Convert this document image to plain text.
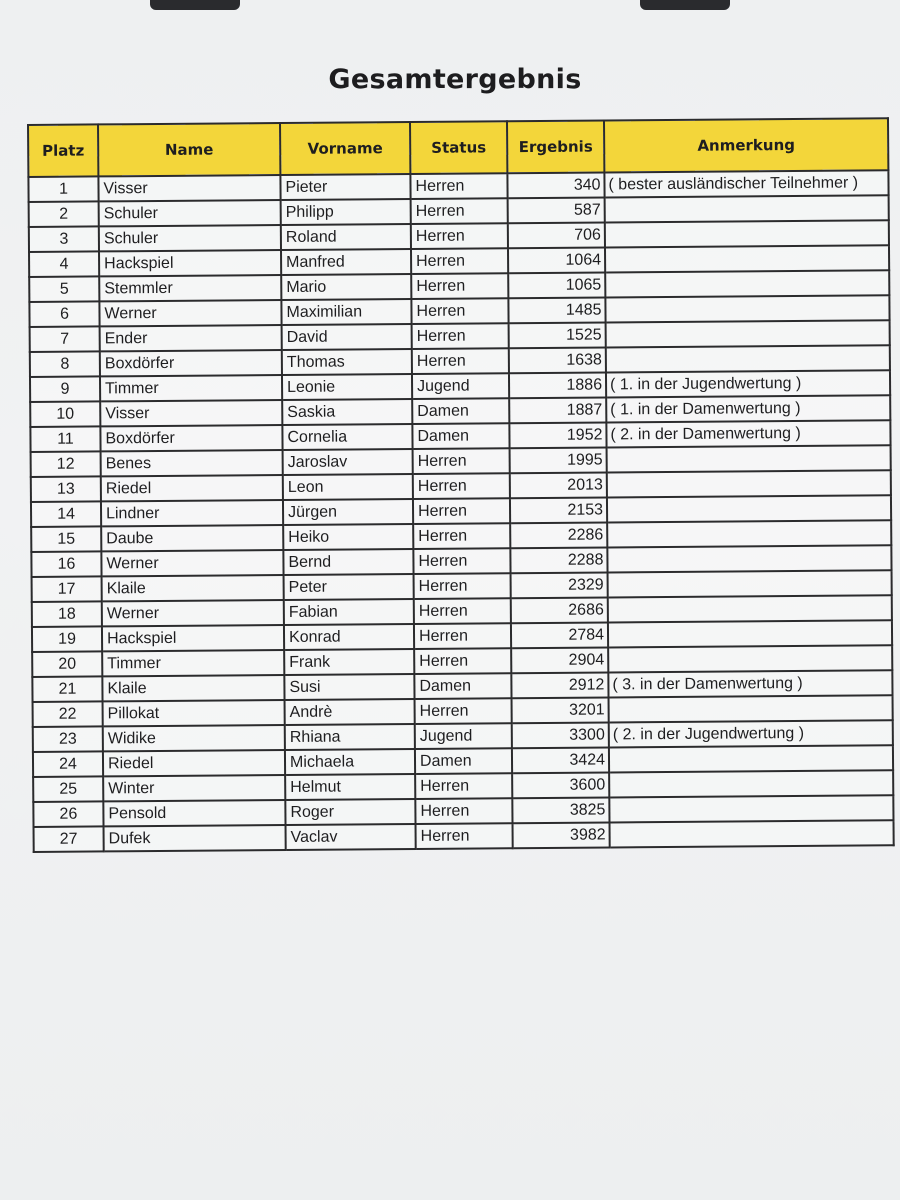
Gesamtergebnis
Platz	Name	Vorname	Status	Ergebnis	Anmerkung
1	Visser	Pieter	Herren	340	( bester ausländischer Teilnehmer )
2	Schuler	Philipp	Herren	587	
3	Schuler	Roland	Herren	706	
4	Hackspiel	Manfred	Herren	1064	
5	Stemmler	Mario	Herren	1065	
6	Werner	Maximilian	Herren	1485	
7	Ender	David	Herren	1525	
8	Boxdörfer	Thomas	Herren	1638	
9	Timmer	Leonie	Jugend	1886	( 1. in der Jugendwertung )
10	Visser	Saskia	Damen	1887	( 1. in der Damenwertung )
11	Boxdörfer	Cornelia	Damen	1952	( 2. in der Damenwertung )
12	Benes	Jaroslav	Herren	1995	
13	Riedel	Leon	Herren	2013	
14	Lindner	Jürgen	Herren	2153	
15	Daube	Heiko	Herren	2286	
16	Werner	Bernd	Herren	2288	
17	Klaile	Peter	Herren	2329	
18	Werner	Fabian	Herren	2686	
19	Hackspiel	Konrad	Herren	2784	
20	Timmer	Frank	Herren	2904	
21	Klaile	Susi	Damen	2912	( 3. in der Damenwertung )
22	Pillokat	Andrè	Herren	3201	
23	Widike	Rhiana	Jugend	3300	( 2. in der Jugendwertung )
24	Riedel	Michaela	Damen	3424	
25	Winter	Helmut	Herren	3600	
26	Pensold	Roger	Herren	3825	
27	Dufek	Vaclav	Herren	3982	
